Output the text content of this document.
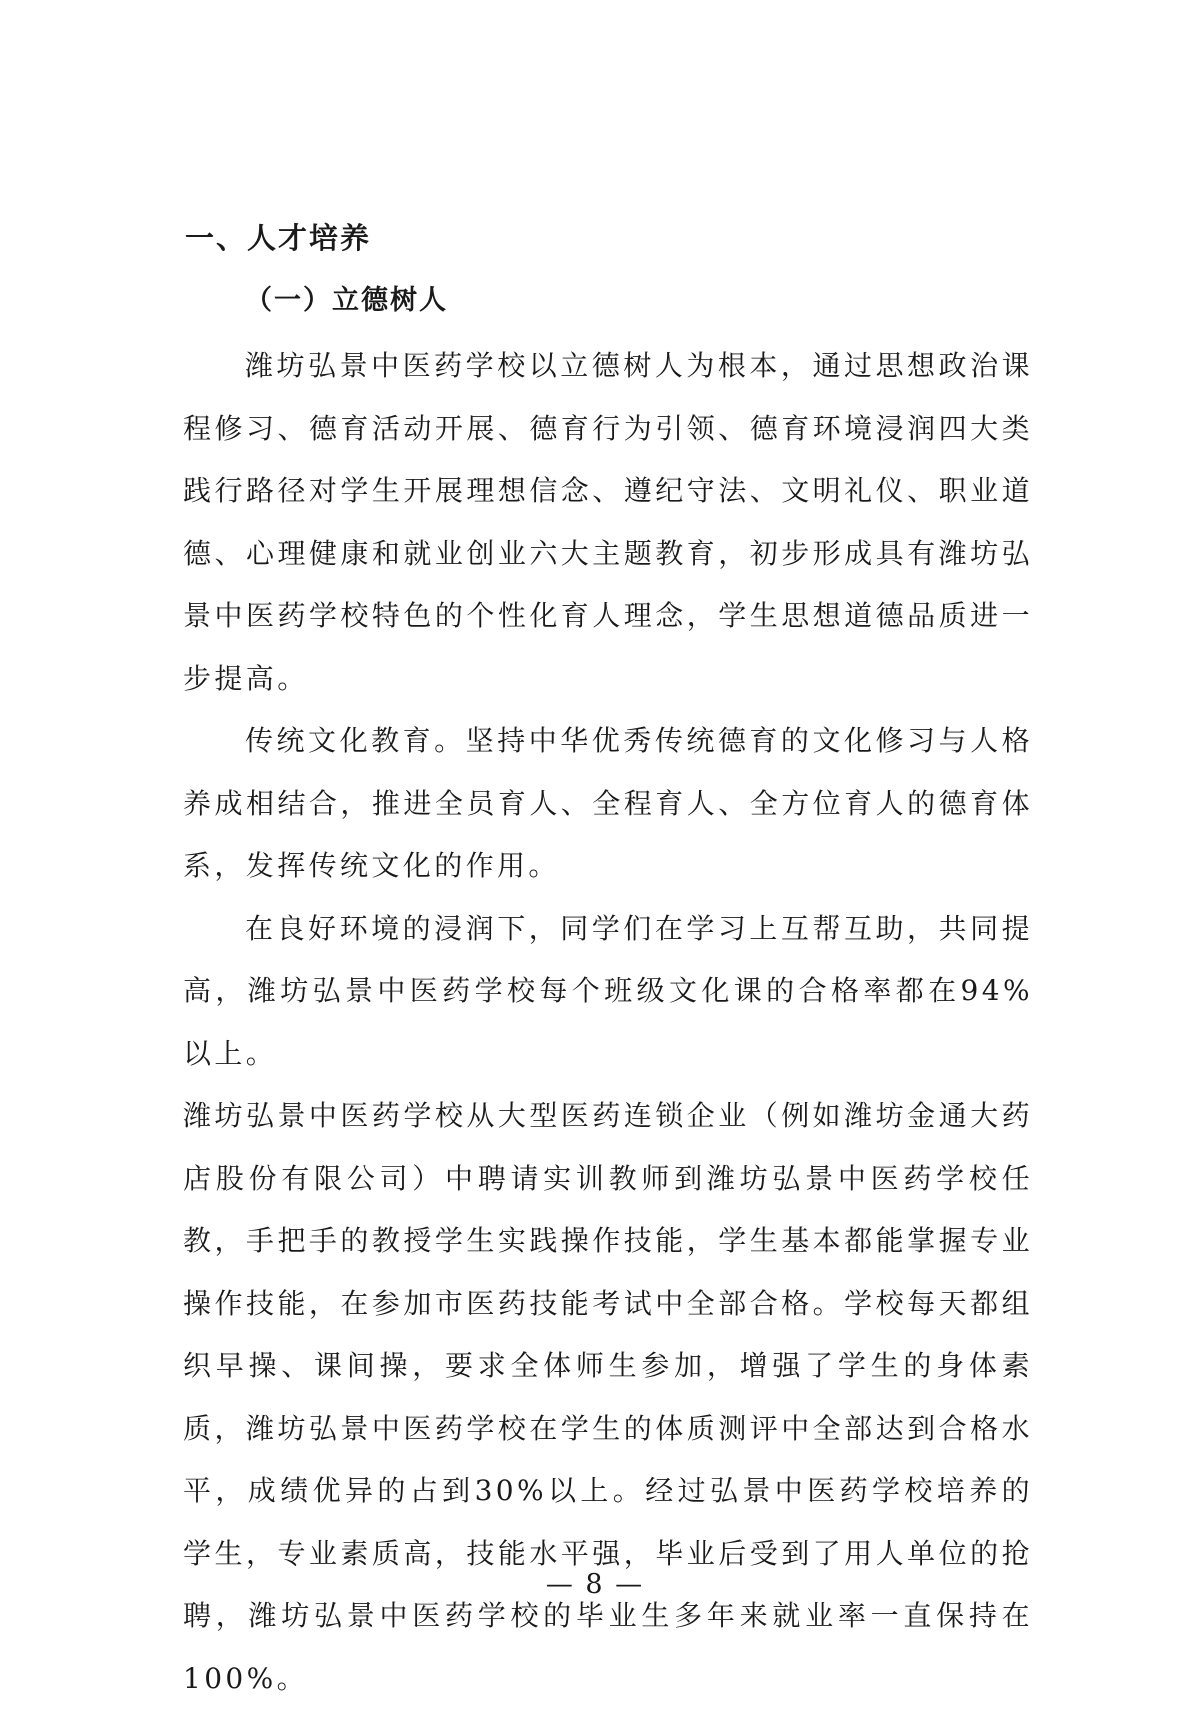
一、人才培养
（一）立德树人

潍坊弘景中医药学校以立德树人为根本，通过思想政治课程修习、德育活动开展、德育行为引领、德育环境浸润四大类践行路径对学生开展理想信念、遵纪守法、文明礼仪、职业道德、心理健康和就业创业六大主题教育，初步形成具有潍坊弘景中医药学校特色的个性化育人理念，学生思想道德品质进一步提高。

传统文化教育。坚持中华优秀传统德育的文化修习与人格养成相结合，推进全员育人、全程育人、全方位育人的德育体系，发挥传统文化的作用。

在良好环境的浸润下，同学们在学习上互帮互助，共同提高，潍坊弘景中医药学校每个班级文化课的合格率都在94%以上。

潍坊弘景中医药学校从大型医药连锁企业（例如潍坊金通大药店股份有限公司）中聘请实训教师到潍坊弘景中医药学校任教，手把手的教授学生实践操作技能，学生基本都能掌握专业操作技能，在参加市医药技能考试中全部合格。学校每天都组织早操、课间操，要求全体师生参加，增强了学生的身体素质，潍坊弘景中医药学校在学生的体质测评中全部达到合格水平，成绩优异的占到30%以上。经过弘景中医药学校培养的学生，专业素质高，技能水平强，毕业后受到了用人单位的抢聘，潍坊弘景中医药学校的毕业生多年来就业率一直保持在100%。

— 8 —
